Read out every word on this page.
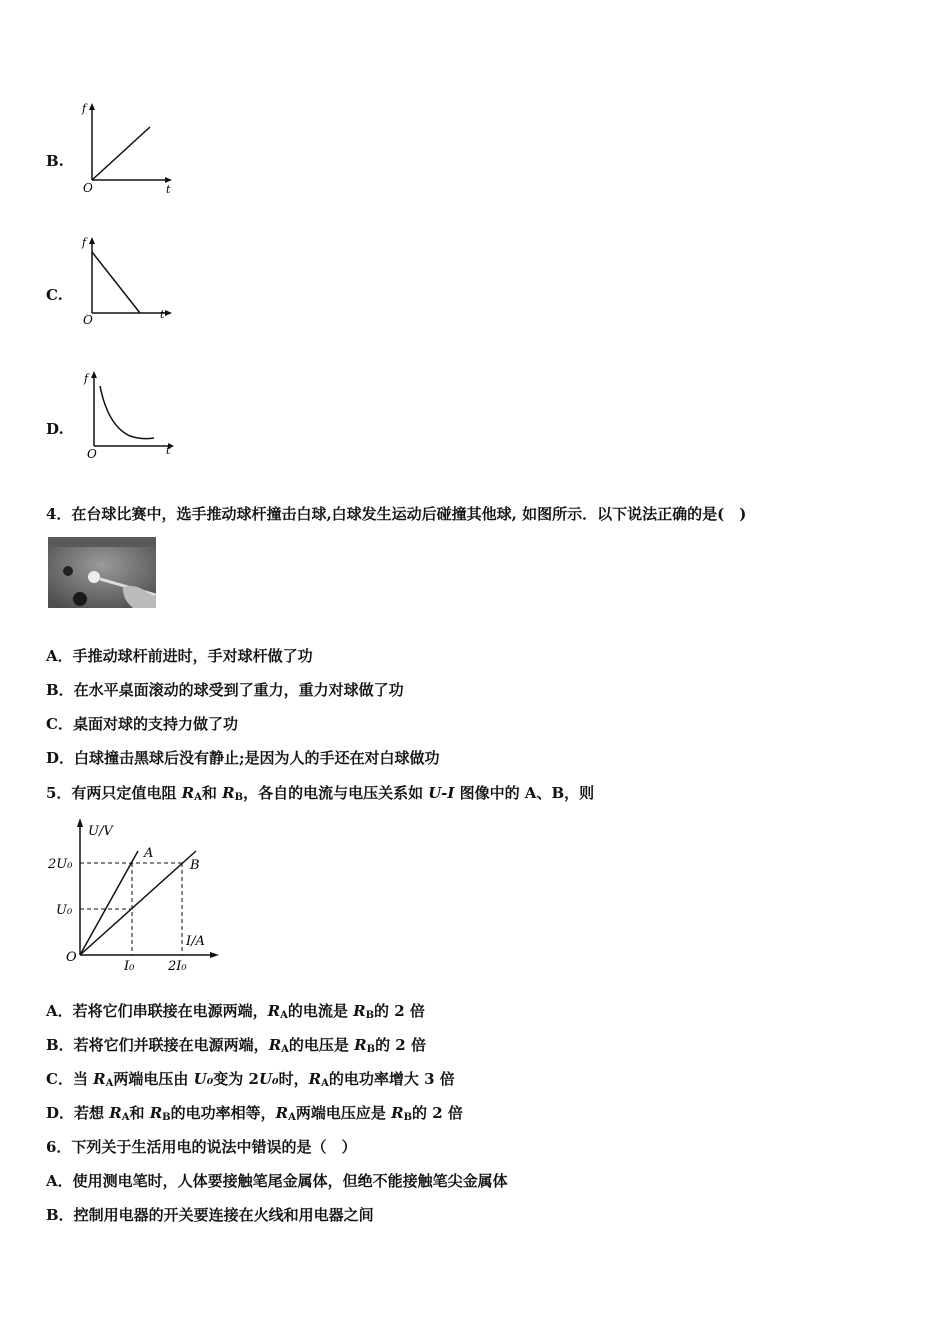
B.
f
t
O
C.
f
t
O
D.
f
t
O
4．在台球比赛中，选手推动球杆撞击白球,白球发生运动后碰撞其他球, 如图所示．以下说法正确的是(　)
A．手推动球杆前进时，手对球杆做了功
B．在水平桌面滚动的球受到了重力，重力对球做了功
C．桌面对球的支持力做了功
D．白球撞击黑球后没有静止;是因为人的手还在对白球做功
5．有两只定值电阻 $R_A$和 $R_B$，各自的电流与电压关系如 U-I 图像中的 A、B，则
U/V
I/A
O
A
B
2U₀
U₀
I₀	2I₀
A．若将它们串联接在电源两端，$R_A$的电流是 $R_B$的 2 倍
B．若将它们并联接在电源两端，$R_A$的电压是 $R_B$的 2 倍
C．当 $R_A$两端电压由 U₀变为 2U₀时，$R_A$的电功率增大 3 倍
D．若想 $R_A$和 $R_B$的电功率相等，$R_A$两端电压应是 $R_B$的 2 倍
6．下列关于生活用电的说法中错误的是（　）
A．使用测电笔时，人体要接触笔尾金属体，但绝不能接触笔尖金属体
B．控制用电器的开关要连接在火线和用电器之间
